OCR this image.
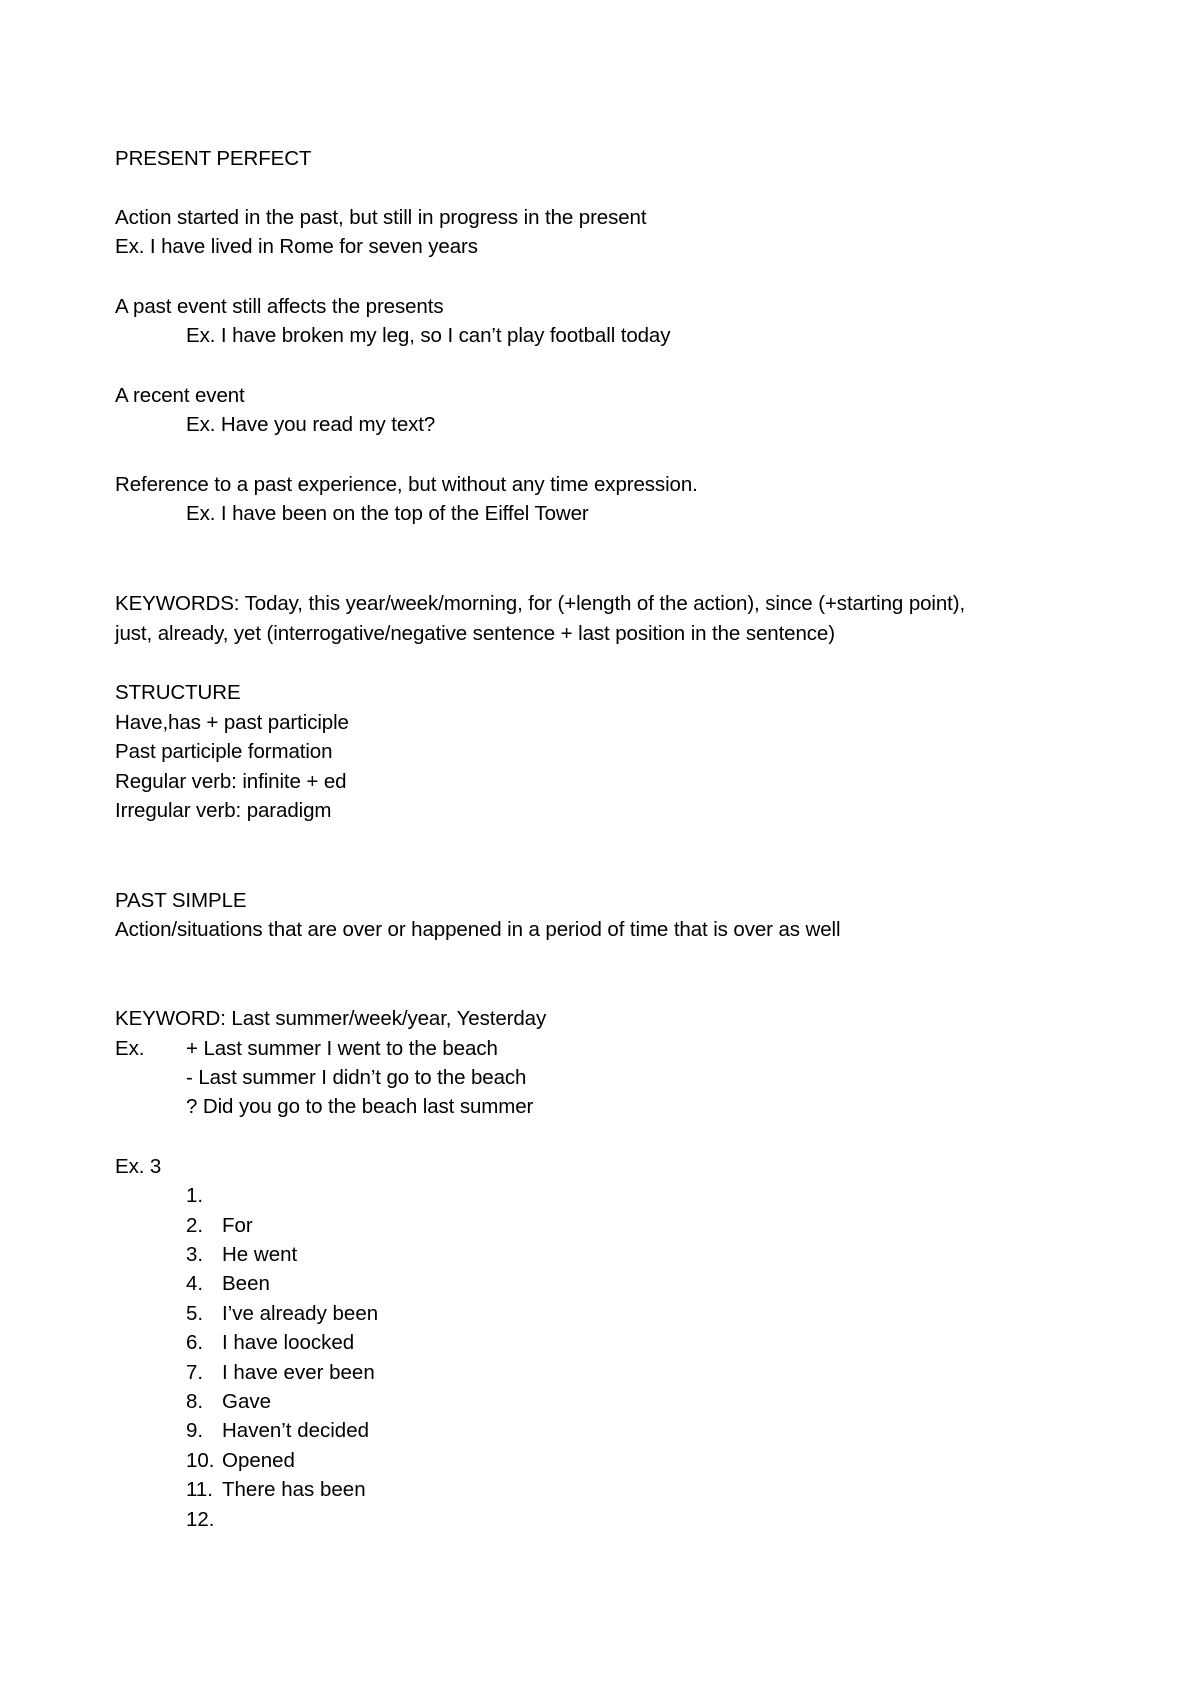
PRESENT PERFECT
Action started in the past, but still in progress in the present
Ex. I have lived in Rome for seven years
A past event still affects the presents
Ex. I have broken my leg, so I can’t play football today
A recent event
Ex. Have you read my text?
Reference to a past experience, but without any time expression.
Ex. I have been on the top of the Eiffel Tower
KEYWORDS: Today, this year/week/morning, for (+length of the action), since (+starting point),
just, already, yet (interrogative/negative sentence + last position in the sentence)
STRUCTURE
Have,has + past participle
Past participle formation
Regular verb: infinite + ed
Irregular verb: paradigm
PAST SIMPLE
Action/situations that are over or happened in a period of time that is over as well
KEYWORD: Last summer/week/year, Yesterday
Ex. + Last summer I went to the beach
- Last summer I didn’t go to the beach
? Did you go to the beach last summer
Ex. 3
1.
2. For
3. He went
4. Been
5. I’ve already been
6. I have loocked
7. I have ever been
8. Gave
9. Haven’t decided
10. Opened
11. There has been
12.
